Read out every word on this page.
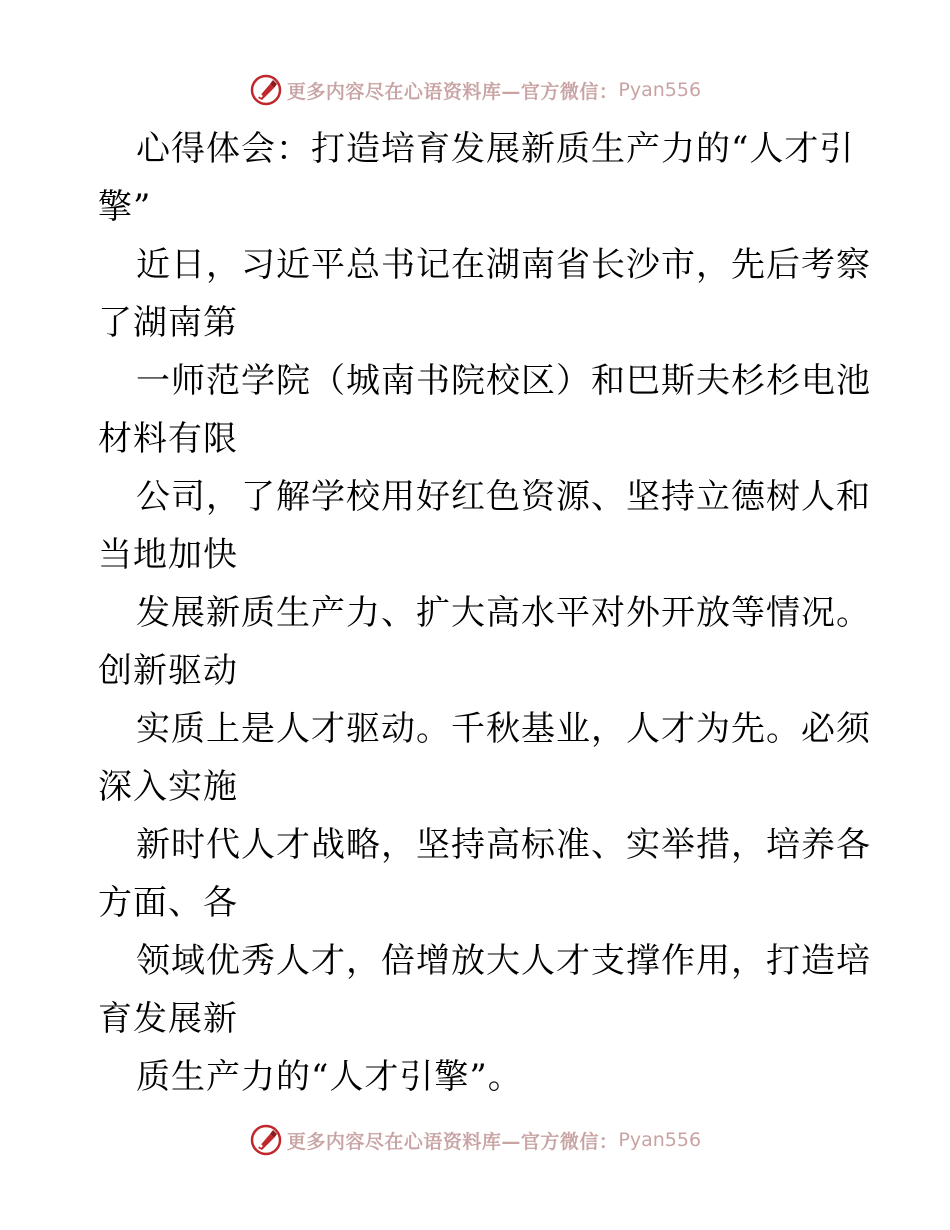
更多内容尽在心语资料库—官方微信： Pyan556
心得体会：打造培育发展新质生产力的“人才引
擎”
近日，习近平总书记在湖南省长沙市，先后考察
了湖南第
一师范学院（城南书院校区）和巴斯夫杉杉电池
材料有限
公司，了解学校用好红色资源、坚持立德树人和
当地加快
发展新质生产力、扩大高水平对外开放等情况。
创新驱动
实质上是人才驱动。千秋基业，人才为先。必须
深入实施
新时代人才战略，坚持高标准、实举措，培养各
方面、各
领域优秀人才，倍增放大人才支撑作用，打造培
育发展新
质生产力的“人才引擎”。
更多内容尽在心语资料库—官方微信： Pyan556
